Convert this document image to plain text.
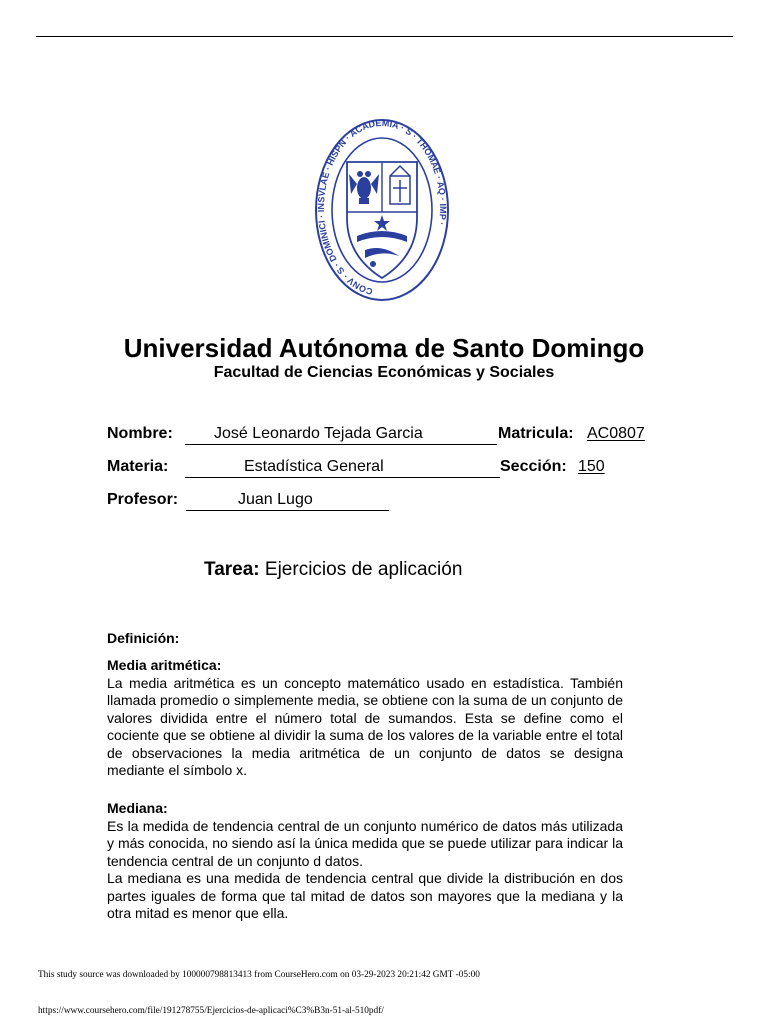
CONV · S · DOMINICI · INSVLAE · HISPN · ACADEMIA · S · THOMAE · AQ · IMP ·
Universidad Autónoma de Santo Domingo
Facultad de Ciencias Económicas y Sociales
Nombre:	José Leonardo Tejada Garcia	Matricula: AC0807
Materia:	Estadística General	Sección: 150
Profesor:	Juan Lugo
Tarea: Ejercicios de aplicación

Definición:

Media aritmética:

La media aritmética es un concepto matemático usado en estadística. También llamada promedio o simplemente media, se obtiene con la suma de un conjunto de valores dividida entre el número total de sumandos. Esta se define como el cociente que se obtiene al dividir la suma de los valores de la variable entre el total de observaciones la media aritmética de un conjunto de datos se designa mediante el símbolo x.

Mediana:

Es la medida de tendencia central de un conjunto numérico de datos más utilizada y más conocida, no siendo así la única medida que se puede utilizar para indicar la tendencia central de un conjunto d datos.

La mediana es una medida de tendencia central que divide la distribución en dos partes iguales de forma que tal mitad de datos son mayores que la mediana y la otra mitad es menor que ella.

This study source was downloaded by 100000798813413 from CourseHero.com on 03-29-2023 20:21:42 GMT -05:00
https://www.coursehero.com/file/191278755/Ejercicios-de-aplicaci%C3%B3n-51-al-510pdf/
